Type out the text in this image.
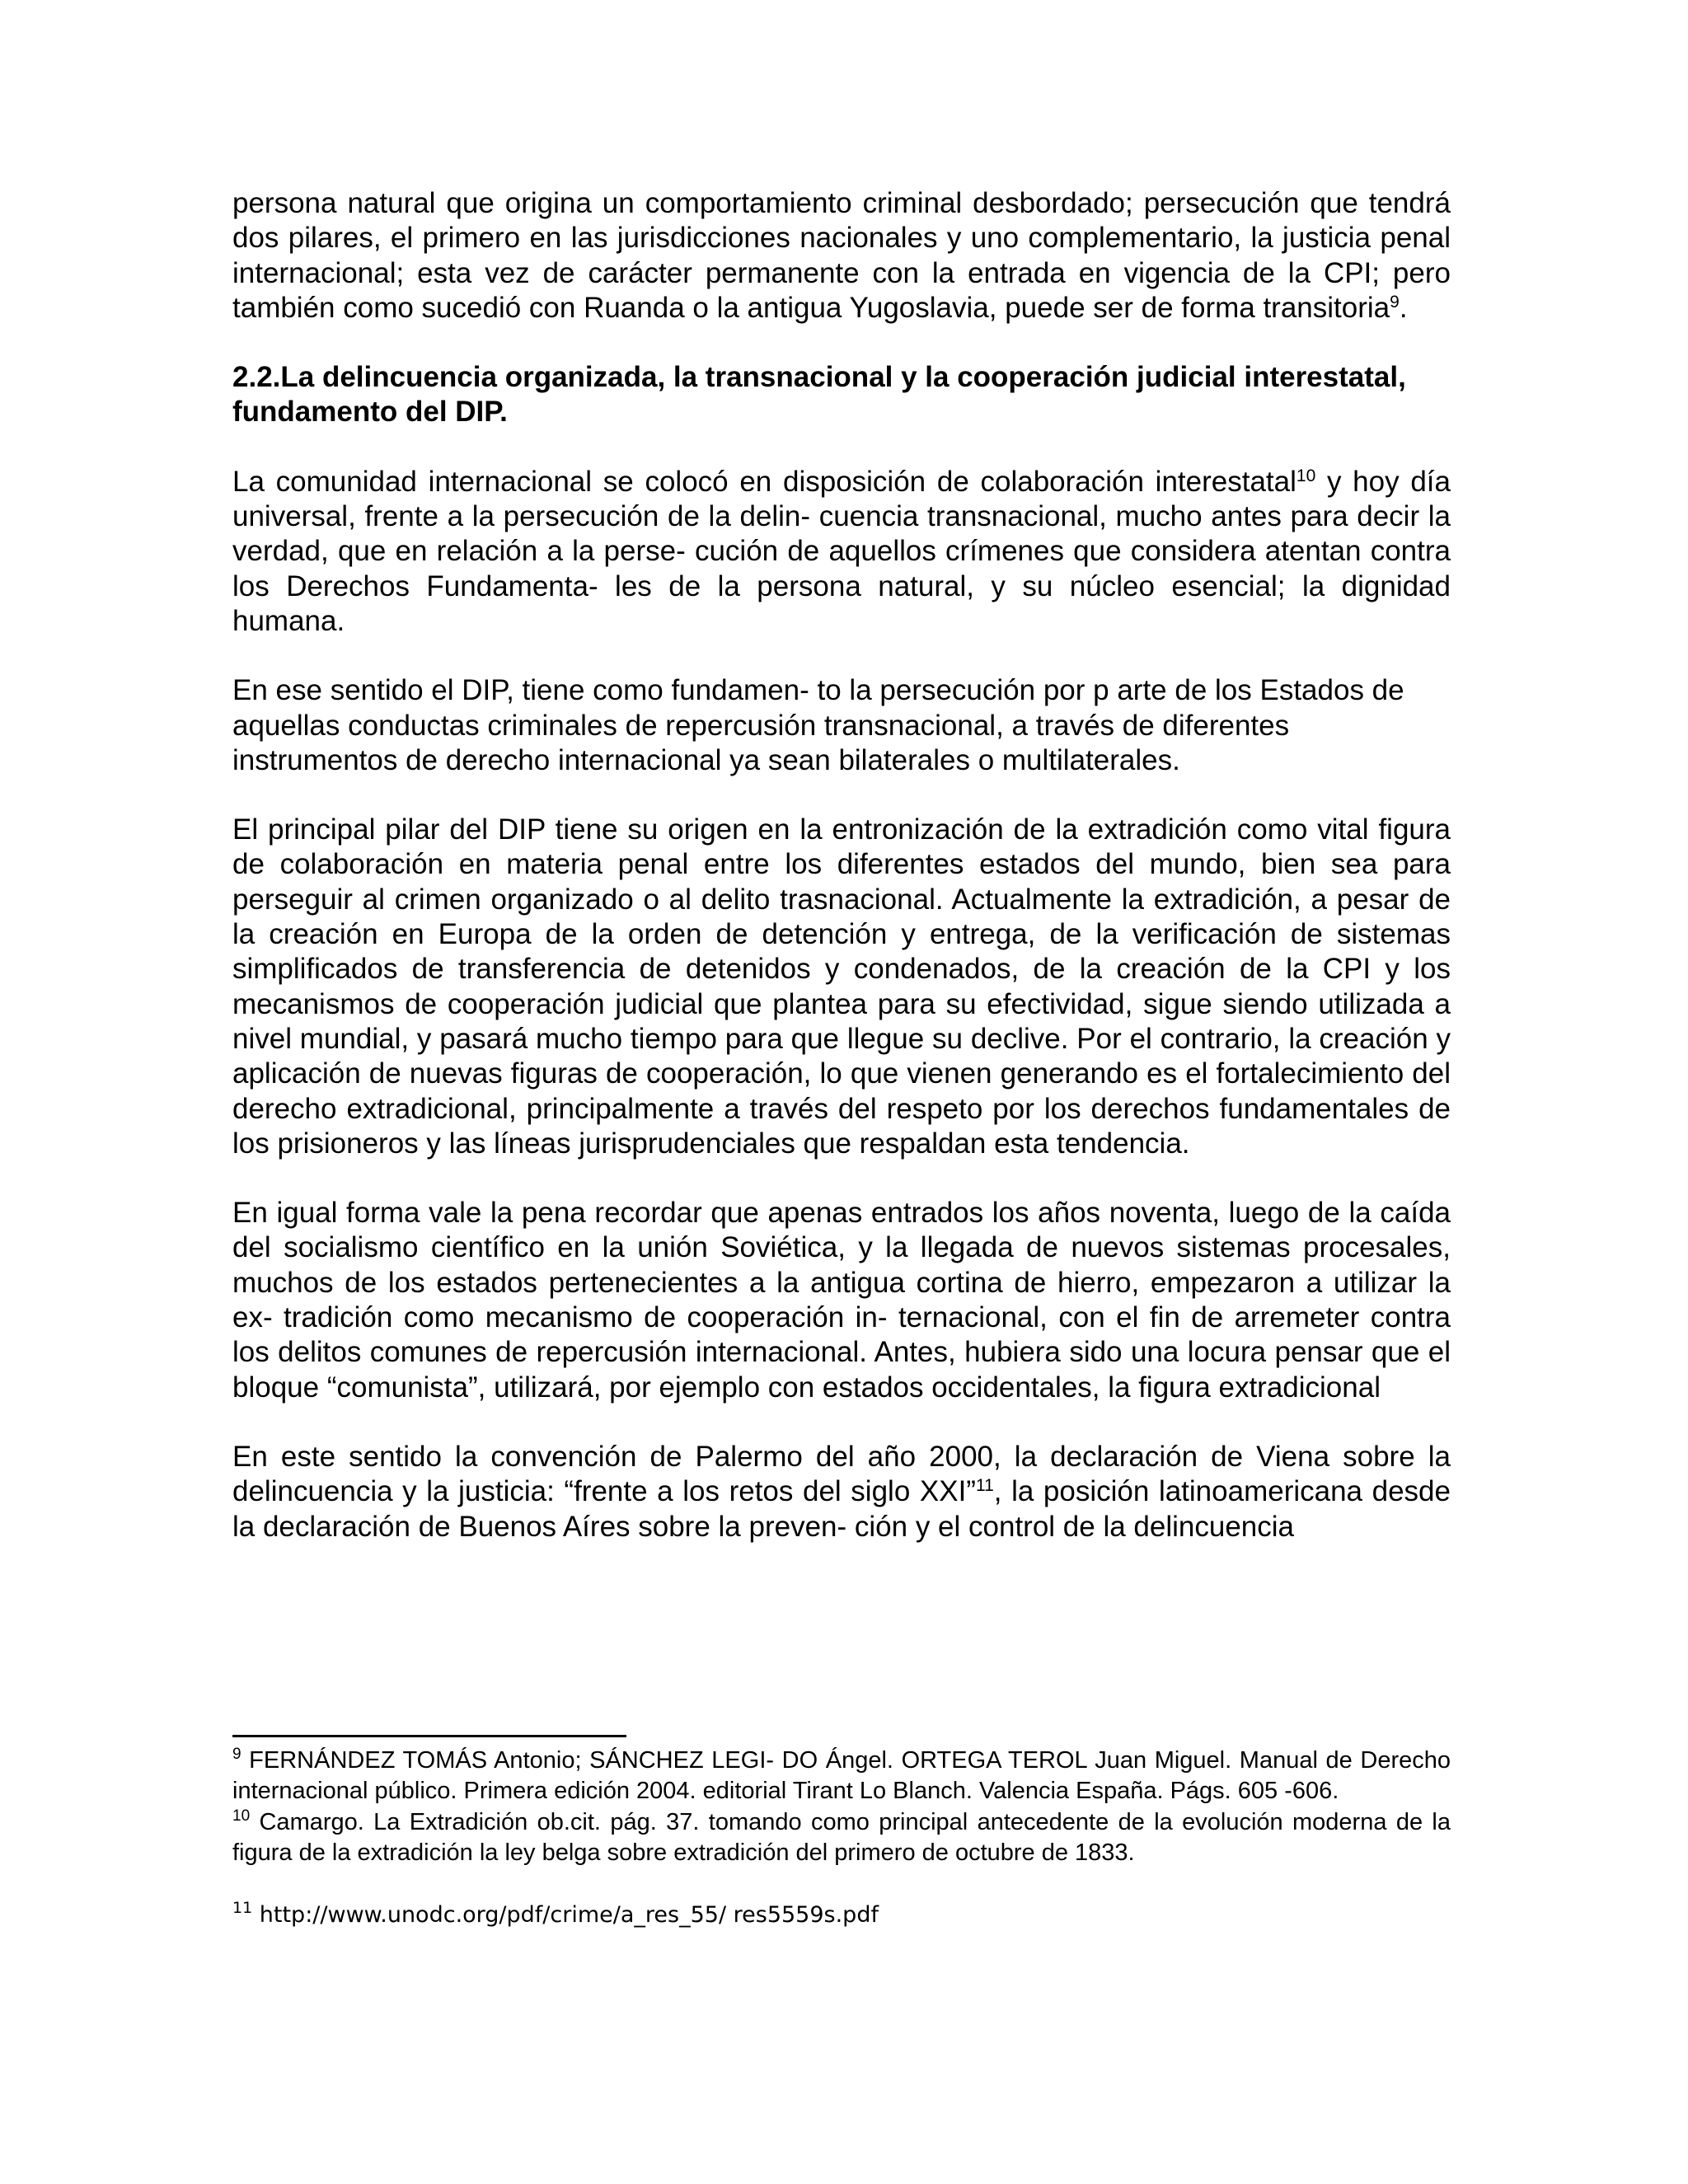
persona natural que origina un comportamiento criminal desbordado; persecución que tendrá dos pilares, el primero en las jurisdicciones nacionales y uno complementario, la justicia penal internacional; esta vez de carácter permanente con la entrada en vigencia de la CPI; pero también como sucedió con Ruanda o la antigua Yugoslavia, puede ser de forma transitoria$^9$.

2.2.La delincuencia organizada, la transnacional y la cooperación judicial interestatal, fundamento del DIP.

La comunidad internacional se colocó en disposición de colaboración interestatal$^{10}$ y hoy día universal, frente a la persecución de la delin- cuencia transnacional, mucho antes para decir la verdad, que en relación a la perse- cución de aquellos crímenes que considera atentan contra los Derechos Fundamenta- les de la persona natural, y su núcleo esencial; la dignidad humana.

En ese sentido el DIP, tiene como fundamen- to la persecución por p arte de los Estados de aquellas conductas criminales de repercusión transnacional, a través de diferentes instrumentos de derecho internacional ya sean bilaterales o multilaterales.

El principal pilar del DIP tiene su origen en la entronización de la extradición como vital figura de colaboración en materia penal entre los diferentes estados del mundo, bien sea para perseguir al crimen organizado o al delito trasnacional. Actualmente la extradición, a pesar de la creación en Europa de la orden de detención y entrega, de la verificación de sistemas simplificados de transferencia de detenidos y condenados, de la creación de la CPI y los mecanismos de cooperación judicial que plantea para su efectividad, sigue siendo utilizada a nivel mundial, y pasará mucho tiempo para que llegue su declive. Por el contrario, la creación y aplicación de nuevas figuras de cooperación, lo que vienen generando es el fortalecimiento del derecho extradicional, principalmente a través del respeto por los derechos fundamentales de los prisioneros y las líneas jurisprudenciales que respaldan esta tendencia.

En igual forma vale la pena recordar que apenas entrados los años noventa, luego de la caída del socialismo científico en la unión Soviética, y la llegada de nuevos sistemas procesales, muchos de los estados pertenecientes a la antigua cortina de hierro, empezaron a utilizar la ex- tradición como mecanismo de cooperación in- ternacional, con el fin de arremeter contra los delitos comunes de repercusión internacional. Antes, hubiera sido una locura pensar que el bloque “comunista”, utilizará, por ejemplo con estados occidentales, la figura extradicional

En este sentido la convención de Palermo del año 2000, la declaración de Viena sobre la delincuencia y la justicia: “frente a los retos del siglo XXI”$^{11}$, la posición latinoamericana desde la declaración de Buenos Aíres sobre la preven- ción y el control de la delincuencia

$^9$ FERNÁNDEZ TOMÁS Antonio; SÁNCHEZ LEGI- DO Ángel. ORTEGA TEROL Juan Miguel. Manual de Derecho internacional público. Primera edición 2004. editorial Tirant Lo Blanch. Valencia España. Págs. 605 -606.

$^{10}$ Camargo. La Extradición ob.cit. pág. 37. tomando como principal antecedente de la evolución moderna de la figura de la extradición la ley belga sobre extradición del primero de octubre de 1833.

$^{11}$ http://www.unodc.org/pdf/crime/a_res_55/ res5559s.pdf
